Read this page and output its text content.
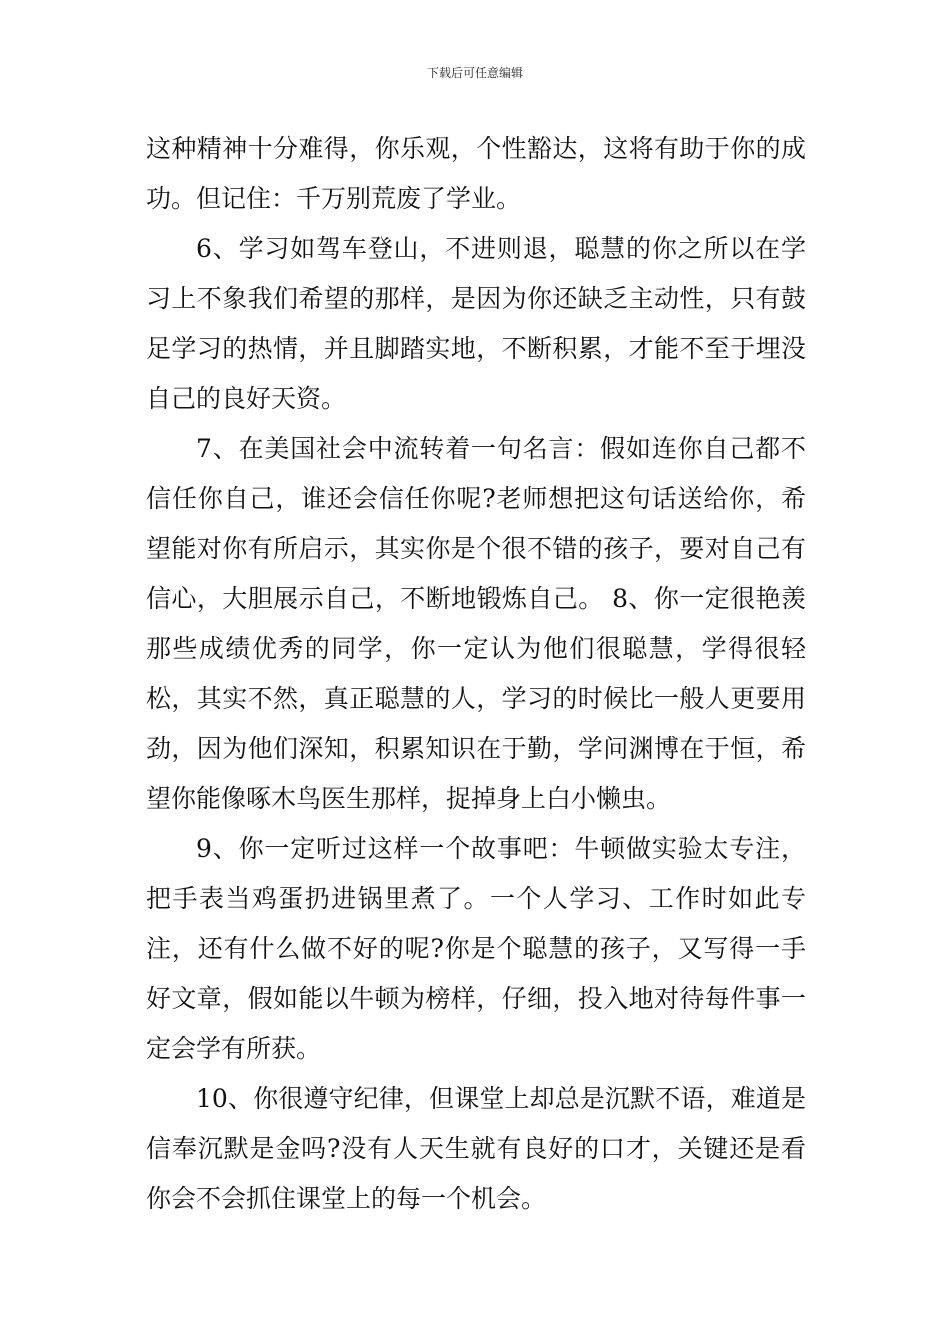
下载后可任意编辑

这种精神十分难得，你乐观，个性豁达，这将有助于你的成功。但记住：千万别荒废了学业。

6、学习如驾车登山，不进则退，聪慧的你之所以在学习上不象我们希望的那样，是因为你还缺乏主动性，只有鼓足学习的热情，并且脚踏实地，不断积累，才能不至于埋没自己的良好天资。

7、在美国社会中流转着一句名言：假如连你自己都不信任你自己，谁还会信任你呢?老师想把这句话送给你，希望能对你有所启示，其实你是个很不错的孩子，要对自己有信心，大胆展示自己，不断地锻炼自己。 8、你一定很艳羡那些成绩优秀的同学，你一定认为他们很聪慧，学得很轻松，其实不然，真正聪慧的人，学习的时候比一般人更要用劲，因为他们深知，积累知识在于勤，学问渊博在于恒，希望你能像啄木鸟医生那样，捉掉身上白小懒虫。

9、你一定听过这样一个故事吧：牛顿做实验太专注，把手表当鸡蛋扔进锅里煮了。一个人学习、工作时如此专注，还有什么做不好的呢?你是个聪慧的孩子，又写得一手好文章，假如能以牛顿为榜样，仔细，投入地对待每件事一定会学有所获。

10、你很遵守纪律，但课堂上却总是沉默不语，难道是信奉沉默是金吗?没有人天生就有良好的口才，关键还是看你会不会抓住课堂上的每一个机会。
